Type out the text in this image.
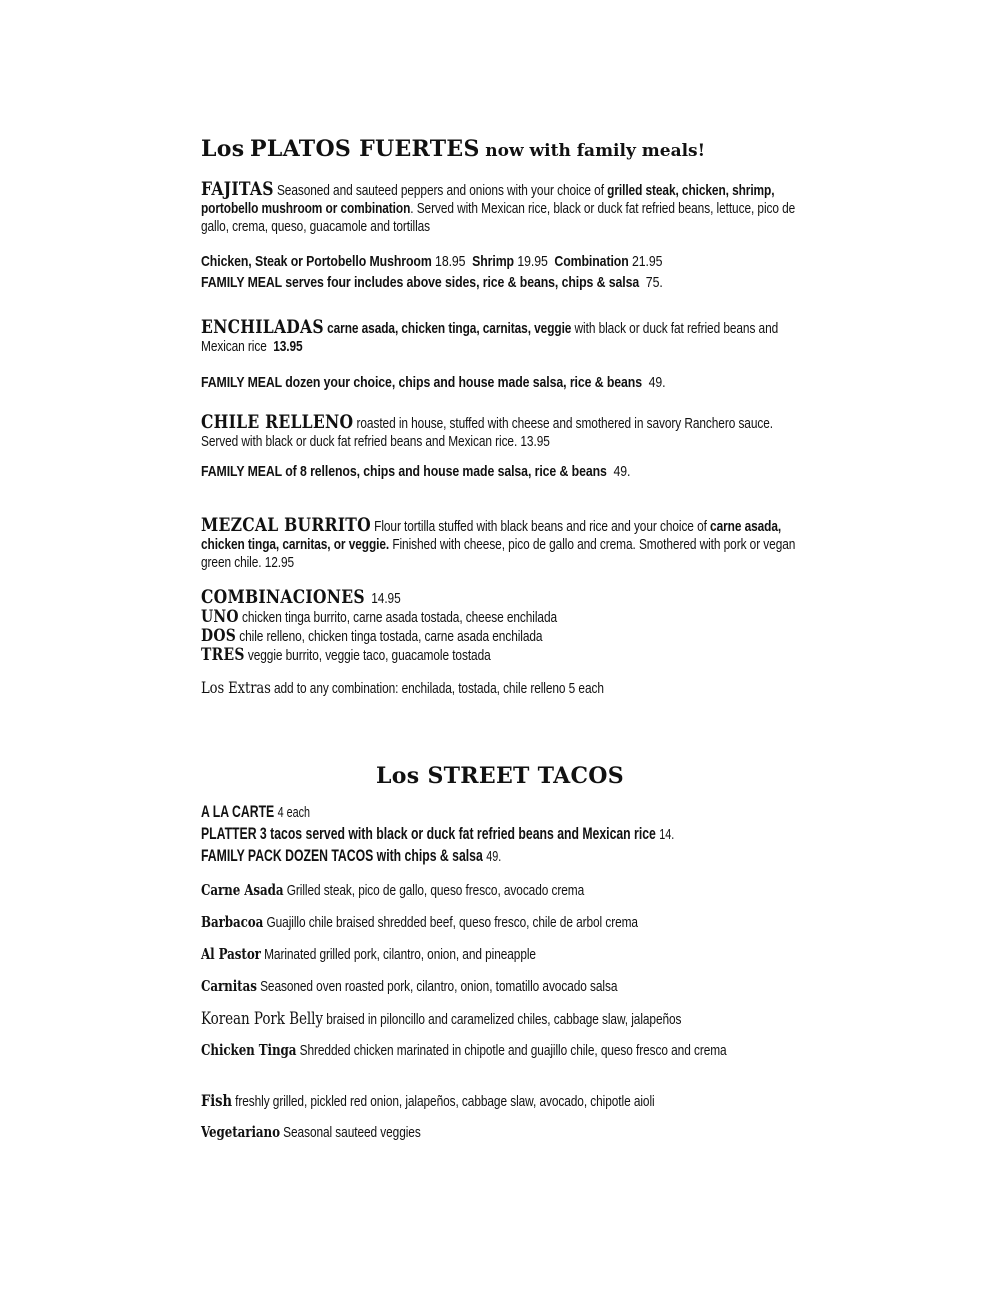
Los PLATOS FUERTES now with family meals!
FAJITAS Seasoned and sauteed peppers and onions with your choice of grilled steak, chicken, shrimp, portobello mushroom or combination. Served with Mexican rice, black or duck fat refried beans, lettuce, pico de gallo, crema, queso, guacamole and tortillas
Chicken, Steak or Portobello Mushroom 18.95 Shrimp 19.95 Combination 21.95
FAMILY MEAL serves four includes above sides, rice & beans, chips & salsa 75.
ENCHILADAS carne asada, chicken tinga, carnitas, veggie with black or duck fat refried beans and Mexican rice 13.95
FAMILY MEAL dozen your choice, chips and house made salsa, rice & beans 49.
CHILE RELLENO roasted in house, stuffed with cheese and smothered in savory Ranchero sauce. Served with black or duck fat refried beans and Mexican rice. 13.95
FAMILY MEAL of 8 rellenos, chips and house made salsa, rice & beans 49.
MEZCAL BURRITO Flour tortilla stuffed with black beans and rice and your choice of carne asada, chicken tinga, carnitas, or veggie. Finished with cheese, pico de gallo and crema. Smothered with pork or vegan green chile. 12.95
COMBINACIONES 14.95
UNO chicken tinga burrito, carne asada tostada, cheese enchilada
DOS chile relleno, chicken tinga tostada, carne asada enchilada
TRES veggie burrito, veggie taco, guacamole tostada
Los Extras add to any combination: enchilada, tostada, chile relleno 5 each
Los STREET TACOS
A LA CARTE 4 each
PLATTER 3 tacos served with black or duck fat refried beans and Mexican rice 14.
FAMILY PACK DOZEN TACOS with chips & salsa 49.
Carne Asada Grilled steak, pico de gallo, queso fresco, avocado crema
Barbacoa Guajillo chile braised shredded beef, queso fresco, chile de arbol crema
Al Pastor Marinated grilled pork, cilantro, onion, and pineapple
Carnitas Seasoned oven roasted pork, cilantro, onion, tomatillo avocado salsa
Korean Pork Belly braised in piloncillo and caramelized chiles, cabbage slaw, jalapeños
Chicken Tinga Shredded chicken marinated in chipotle and guajillo chile, queso fresco and crema
Fish freshly grilled, pickled red onion, jalapeños, cabbage slaw, avocado, chipotle aioli
Vegetariano Seasonal sauteed veggies
